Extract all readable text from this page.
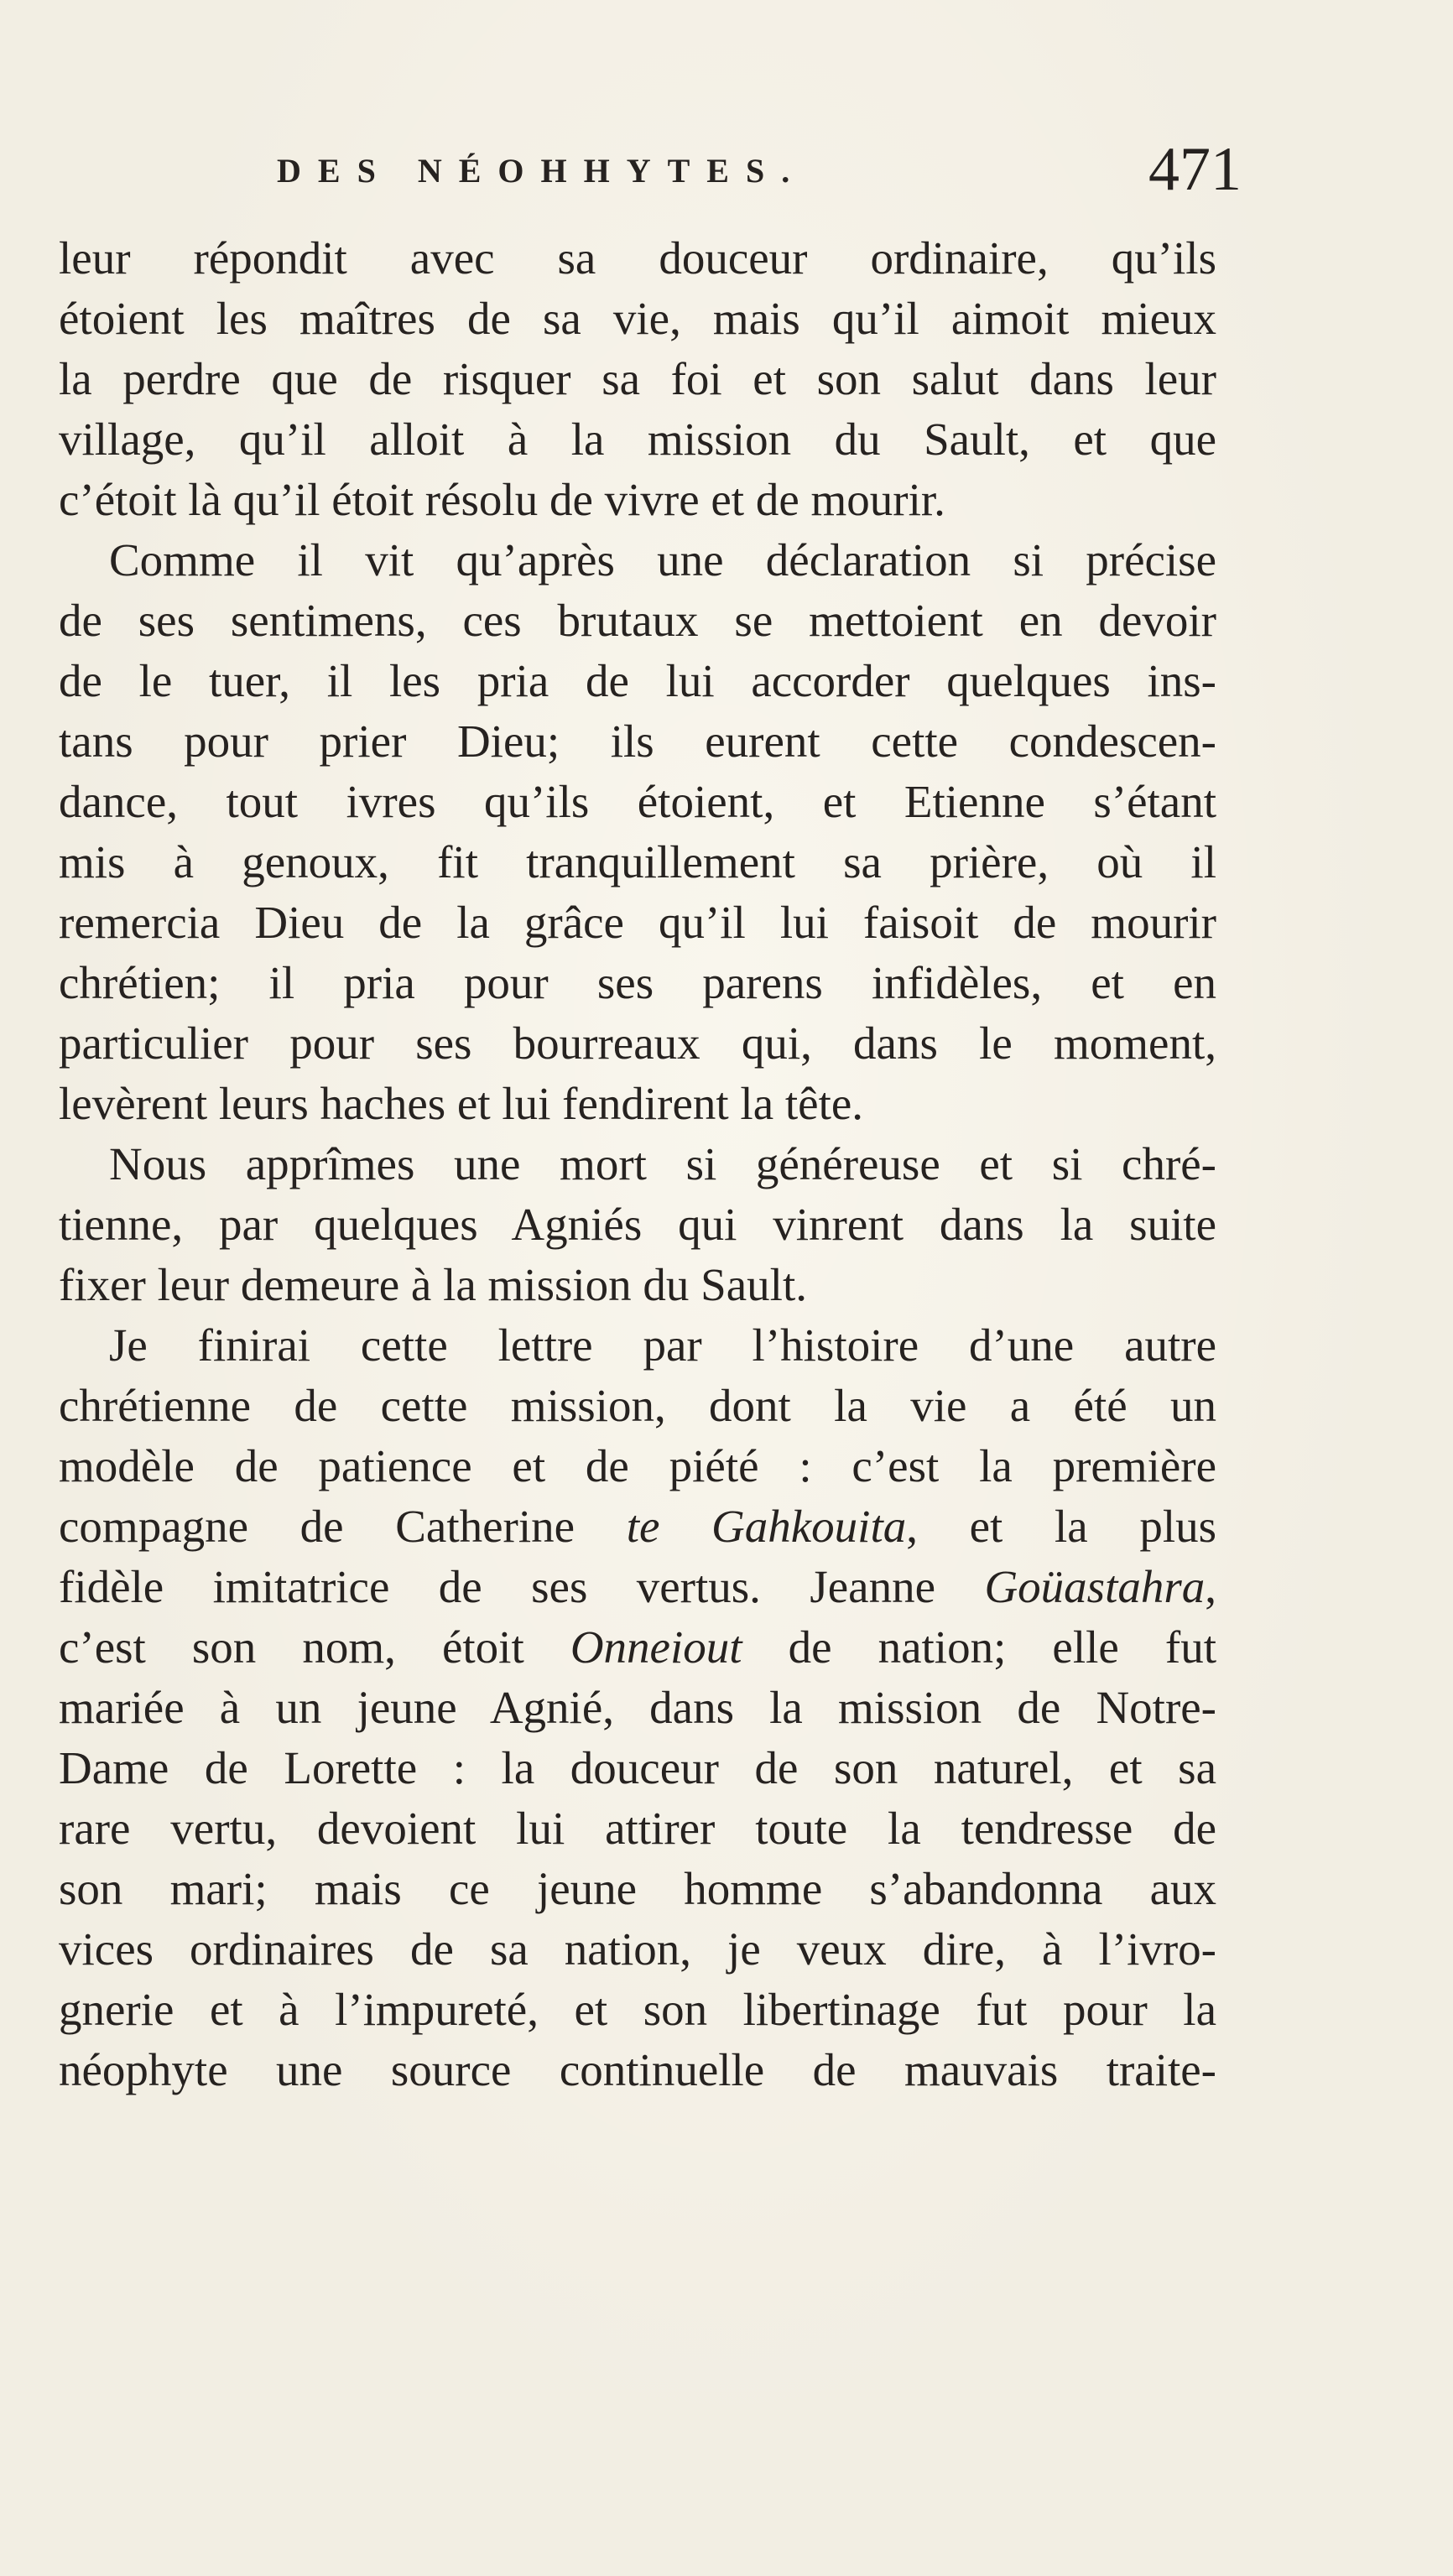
DES NÉOHHYTES.	471
leur répondit avec sa douceur ordinaire, qu’ils
étoient les maîtres de sa vie, mais qu’il aimoit mieux
la perdre que de risquer sa foi et son salut dans leur
village, qu’il alloit à la mission du Sault, et que
c’étoit là qu’il étoit résolu de vivre et de mourir.
Comme il vit qu’après une déclaration si précise
de ses sentimens, ces brutaux se mettoient en devoir
de le tuer, il les pria de lui accorder quelques ins-
tans pour prier Dieu; ils eurent cette condescen-
dance, tout ivres qu’ils étoient, et Etienne s’étant
mis à genoux, fit tranquillement sa prière, où il
remercia Dieu de la grâce qu’il lui faisoit de mourir
chrétien; il pria pour ses parens infidèles, et en
particulier pour ses bourreaux qui, dans le moment,
levèrent leurs haches et lui fendirent la tête.
Nous apprîmes une mort si généreuse et si chré-
tienne, par quelques Agniés qui vinrent dans la suite
fixer leur demeure à la mission du Sault.
Je finirai cette lettre par l’histoire d’une autre
chrétienne de cette mission, dont la vie a été un
modèle de patience et de piété : c’est la première
compagne de Catherine te Gahkouita, et la plus
fidèle imitatrice de ses vertus. Jeanne Goüastahra,
c’est son nom, étoit Onneiout de nation; elle fut
mariée à un jeune Agnié, dans la mission de Notre-
Dame de Lorette : la douceur de son naturel, et sa
rare vertu, devoient lui attirer toute la tendresse de
son mari; mais ce jeune homme s’abandonna aux
vices ordinaires de sa nation, je veux dire, à l’ivro-
gnerie et à l’impureté, et son libertinage fut pour la
néophyte une source continuelle de mauvais traite-
